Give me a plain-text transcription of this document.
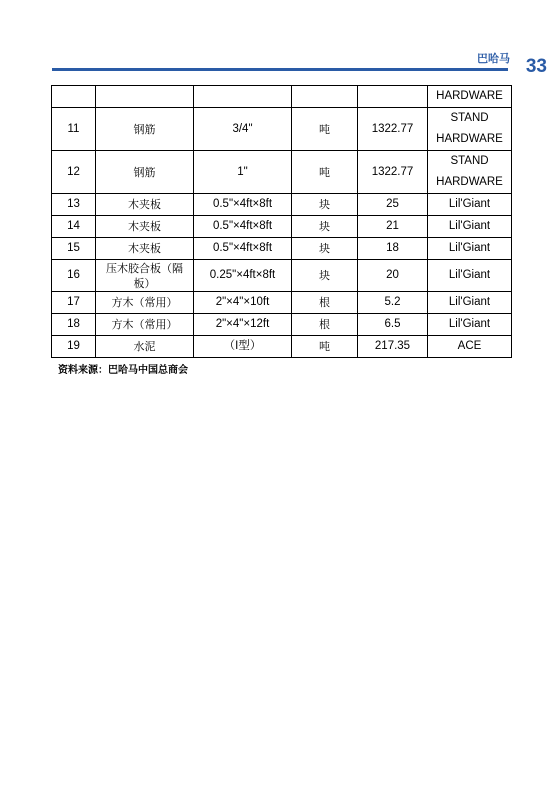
巴哈马 33
					HARDWARE
11	钢筋	3/4"	吨	1322.77	STAND HARDWARE
12	钢筋	1"	吨	1322.77	STAND HARDWARE
13	木夹板	0.5"×4ft×8ft	块	25	Lil'Giant
14	木夹板	0.5"×4ft×8ft	块	21	Lil'Giant
15	木夹板	0.5"×4ft×8ft	块	18	Lil'Giant
16	压木胶合板（隔板）	0.25"×4ft×8ft	块	20	Lil'Giant
17	方木（常用）	2"×4"×10ft	根	5.2	Lil'Giant
18	方木（常用）	2"×4"×12ft	根	6.5	Lil'Giant
19	水泥	（I型）	吨	217.35	ACE
资料来源：巴哈马中国总商会
